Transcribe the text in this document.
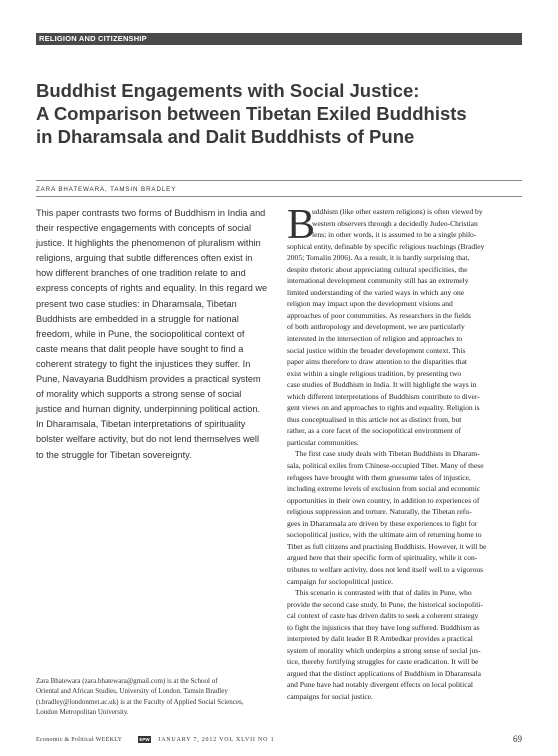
RELIGION AND CITIZENSHIP
Buddhist Engagements with Social Justice:
A Comparison between Tibetan Exiled Buddhists
in Dharamsala and Dalit Buddhists of Pune
ZARA BHATEWARA, TAMSIN BRADLEY
This paper contrasts two forms of Buddhism in India and
their respective engagements with concepts of social
justice. It highlights the phenomenon of pluralism within
religions, arguing that subtle differences often exist in
how different branches of one tradition relate to and
express concepts of rights and equality. In this regard we
present two case studies: in Dharamsala, Tibetan
Buddhists are embedded in a struggle for national
freedom, while in Pune, the sociopolitical context of
caste means that dalit people have sought to find a
coherent strategy to fight the injustices they suffer. In
Pune, Navayana Buddhism provides a practical system
of morality which supports a strong sense of social
justice and human dignity, underpinning political action.
In Dharamsala, Tibetan interpretations of spirituality
bolster welfare activity, but do not lend themselves well
to the struggle for Tibetan sovereignty.
Zara Bhatewara (zara.bhatewara@gmail.com) is at the School of
Oriental and African Studies, University of London. Tamsin Bradley
(t.bradley@londonmet.ac.uk) is at the Faculty of Applied Social Sciences,
London Metropolitan University.
B
uddhism (like other eastern religions) is often viewed by
western observers through a decidedly Judeo-Christian
lens; in other words, it is assumed to be a single philo-
sophical entity, definable by specific religious teachings (Bradley
2005; Tomalin 2006). As a result, it is hardly surprising that,
despite rhetoric about appreciating cultural specificities, the
international development community still has an extremely
limited understanding of the varied ways in which any one
religion may impact upon the development visions and
approaches of poor communities. As researchers in the fields
of both anthropology and development, we are particularly
interested in the intersection of religion and approaches to
social justice within the broader development context. This
paper aims therefore to draw attention to the disparities that
exist within a single religious tradition, by presenting two
case studies of Buddhism in India. It will highlight the ways in
which different interpretations of Buddhism contribute to diver-
gent views on and approaches to rights and equality. Religion is
thus conceptualised in this article not as distinct from, but
rather, as a core facet of the sociopolitical environment of
particular communities.
The first case study deals with Tibetan Buddhists in Dharam-
sala, political exiles from Chinese-occupied Tibet. Many of these
refugees have brought with them gruesome tales of injustice,
including extreme levels of exclusion from social and economic
opportunities in their own country, in addition to experiences of
religious suppression and torture. Naturally, the Tibetan refu-
gees in Dharamsala are driven by these experiences to fight for
sociopolitical justice, with the ultimate aim of returning home to
Tibet as full citizens and practising Buddhists. However, it will be
argued here that their specific form of spirituality, while it con-
tributes to welfare activity, does not lend itself well to a vigorous
campaign for sociopolitical justice.
This scenario is contrasted with that of dalits in Pune, who
provide the second case study. In Pune, the historical sociopoliti-
cal context of caste has driven dalits to seek a coherent strategy
to fight the injustices that they have long suffered. Buddhism as
interpreted by dalit leader B R Ambedkar provides a practical
system of morality which underpins a strong sense of social jus-
tice, thereby fortifying struggles for caste eradication. It will be
argued that the distinct applications of Buddhism in Dharamsala
and Pune have had notably divergent effects on local political
campaigns for social justice.
Economic & Political WEEKLY	EPW JANUARY 7, 2012 VOL XLVII NO 1	69
